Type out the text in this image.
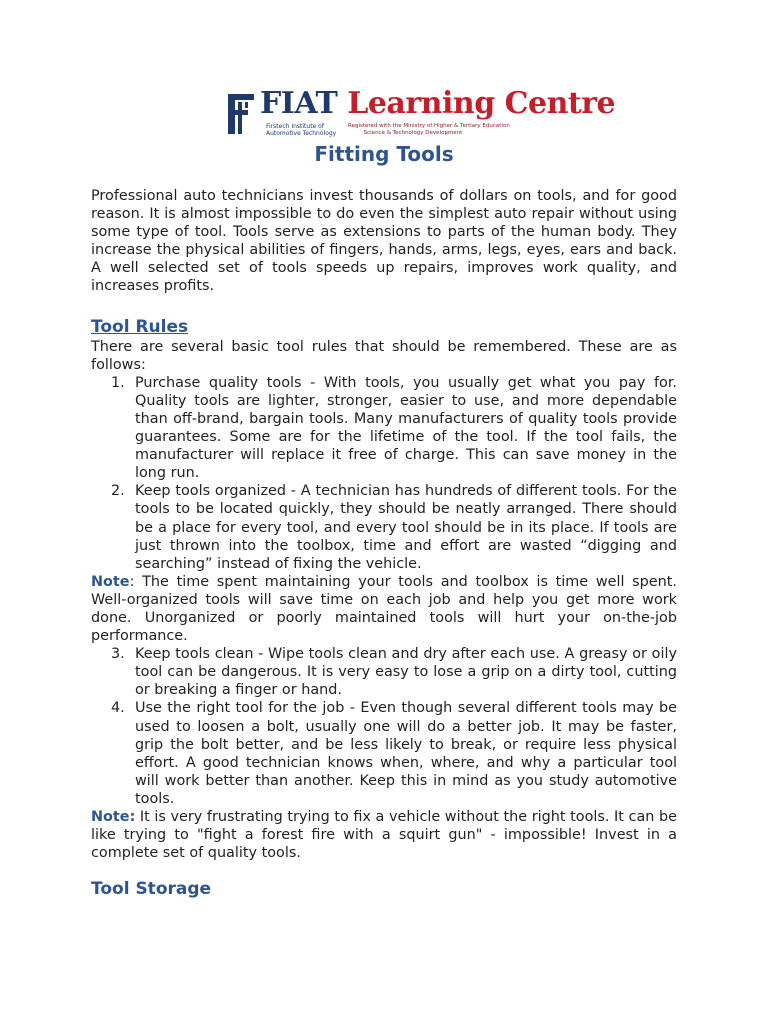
FIAT Learning Centre
Firstech Institute of
Automotive Technology
Registered with the Ministry of Higher & Tertiary Education
Science & Technology Development
Fitting Tools

Professional auto technicians invest thousands of dollars on tools, and for good reason. It is almost impossible to do even the simplest auto repair without using some type of tool. Tools serve as extensions to parts of the human body. They increase the physical abilities of fingers, hands, arms, legs, eyes, ears and back. A well selected set of tools speeds up repairs, improves work quality, and increases profits.

Tool Rules

There are several basic tool rules that should be remembered. These are as follows:

1. Purchase quality tools - With tools, you usually get what you pay for. Quality tools are lighter, stronger, easier to use, and more dependable than off-brand, bargain tools. Many manufacturers of quality tools provide guarantees. Some are for the lifetime of the tool. If the tool fails, the manufacturer will replace it free of charge. This can save money in the long run.
2. Keep tools organized - A technician has hundreds of different tools. For the tools to be located quickly, they should be neatly arranged. There should be a place for every tool, and every tool should be in its place. If tools are just thrown into the toolbox, time and effort are wasted “digging and searching” instead of fixing the vehicle.

Note: The time spent maintaining your tools and toolbox is time well spent. Well-organized tools will save time on each job and help you get more work done. Unorganized or poorly maintained tools will hurt your on-the-job performance.

3. Keep tools clean - Wipe tools clean and dry after each use. A greasy or oily tool can be dangerous. It is very easy to lose a grip on a dirty tool, cutting or breaking a finger or hand.
4. Use the right tool for the job - Even though several different tools may be used to loosen a bolt, usually one will do a better job. It may be faster, grip the bolt better, and be less likely to break, or require less physical effort. A good technician knows when, where, and why a particular tool will work better than another. Keep this in mind as you study automotive tools.

Note: It is very frustrating trying to fix a vehicle without the right tools. It can be like trying to "fight a forest fire with a squirt gun" - impossible! Invest in a complete set of quality tools.

Tool Storage
